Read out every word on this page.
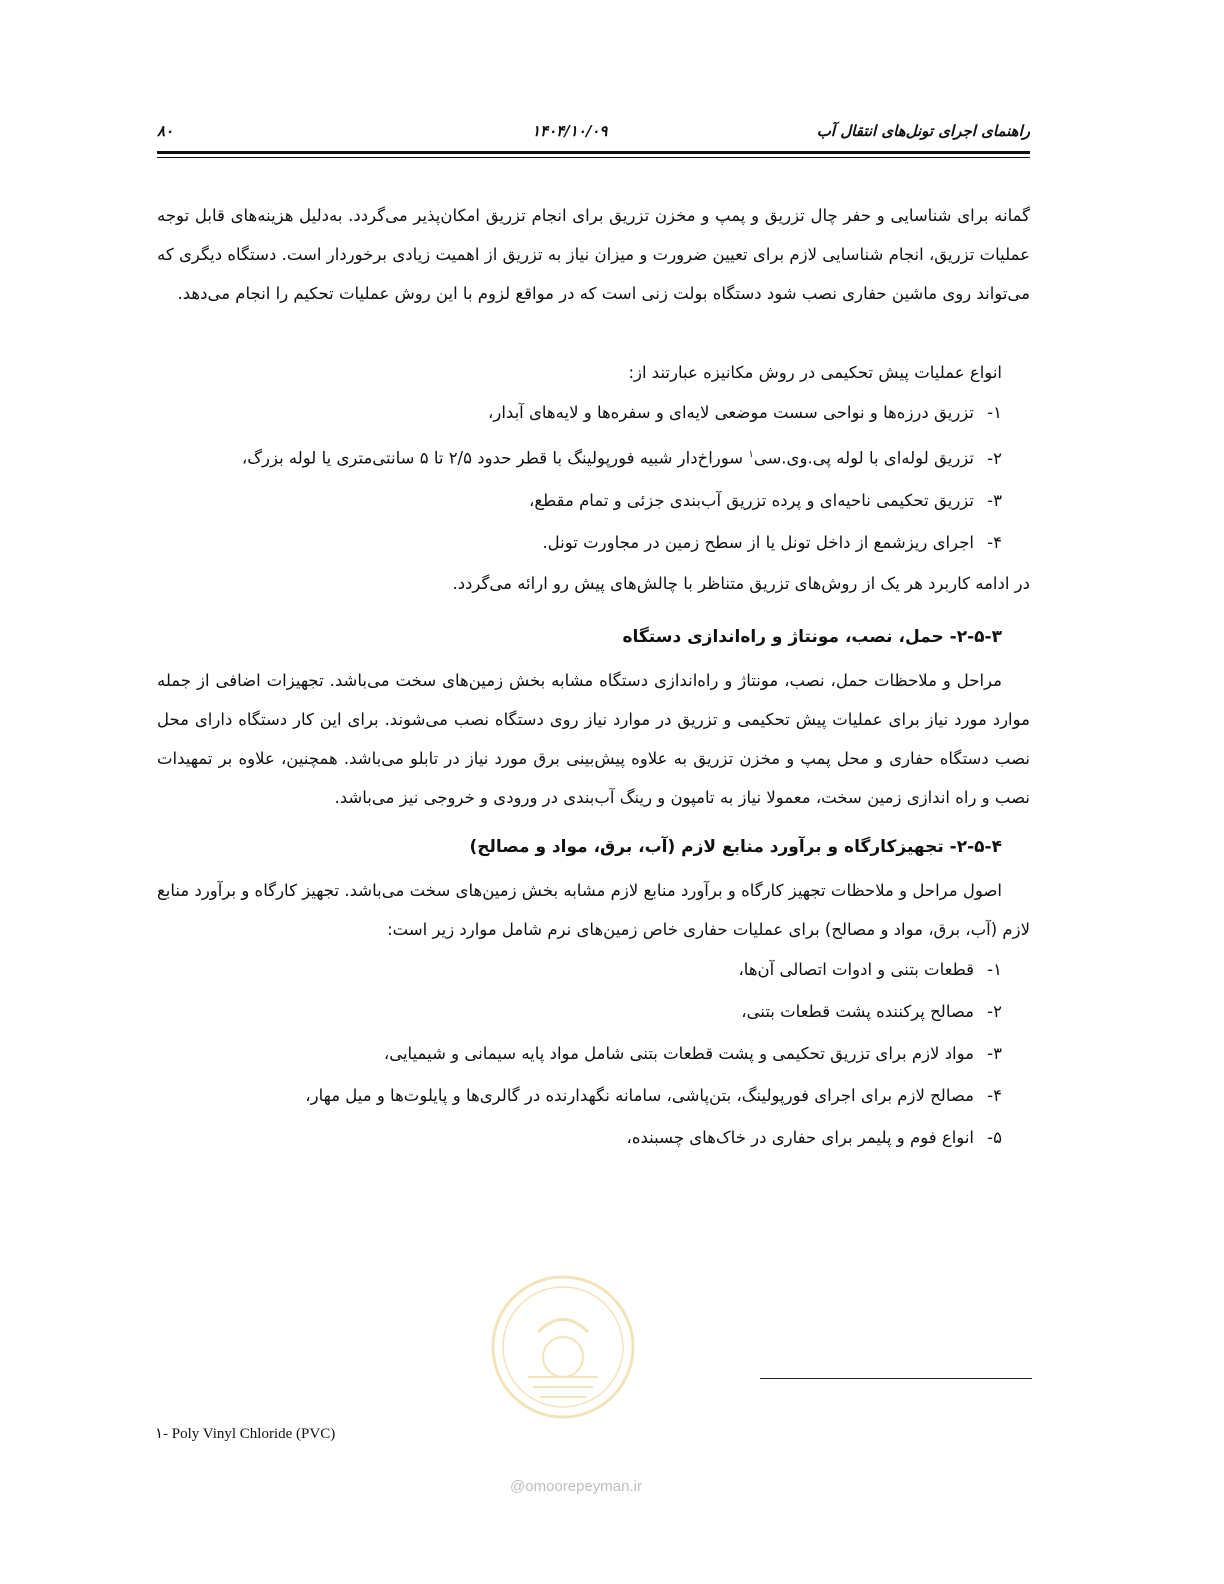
راهنمای اجرای تونل‌های انتقال آب
۱۴۰۴/۱۰/۰۹
۸۰

گمانه برای شناسایی و حفر چال تزریق و پمپ و مخزن تزریق برای انجام تزریق امکان‌پذیر می‌گردد. به‌دلیل هزینه‌های قابل توجه عملیات تزریق، انجام شناسایی لازم برای تعیین ضرورت و میزان نیاز به تزریق از اهمیت زیادی برخوردار است. دستگاه دیگری که می‌تواند روی ماشین حفاری نصب شود دستگاه بولت زنی است که در مواقع لزوم با این روش عملیات تحکیم را انجام می‌دهد.

انواع عملیات پیش تحکیمی در روش مکانیزه عبارتند از:

۱-تزریق درزه‌ها و نواحی سست موضعی لایه‌ای و سفره‌ها و لایه‌های آبدار،
۲-تزریق لوله‌ای با لوله پی.وی.سی$^۱$ سوراخ‌دار شبیه فورپولینگ با قطر حدود ۲/۵ تا ۵ سانتی‌متری یا لوله بزرگ،
۳-تزریق تحکیمی ناحیه‌ای و پرده تزریق آب‌بندی جزئی و تمام مقطع،
۴-اجرای ریزشمع از داخل تونل یا از سطح زمین در مجاورت تونل.

در ادامه کاربرد هر یک از روش‌های تزریق متناظر با چالش‌های پیش رو ارائه می‌گردد.

۲-۵-۳- حمل، نصب، مونتاژ و راه‌اندازی دستگاه

مراحل و ملاحظات حمل، نصب، مونتاژ و راه‌اندازی دستگاه مشابه بخش زمین‌های سخت می‌باشد. تجهیزات اضافی از جمله موارد مورد نیاز برای عملیات پیش تحکیمی و تزریق در موارد نیاز روی دستگاه نصب می‌شوند. برای این کار دستگاه دارای محل نصب دستگاه حفاری و محل پمپ و مخزن تزریق به علاوه پیش‌بینی برق مورد نیاز در تابلو می‌باشد. همچنین، علاوه بر تمهیدات نصب و راه اندازی زمین سخت، معمولا نیاز به تامپون و رینگ آب‌بندی در ورودی و خروجی نیز می‌باشد.

۲-۵-۴- تجهیزکارگاه و برآورد منابع لازم (آب، برق، مواد و مصالح)

اصول مراحل و ملاحظات تجهیز کارگاه و برآورد منابع لازم مشابه بخش زمین‌های سخت می‌باشد. تجهیز کارگاه و برآورد منابع لازم (آب، برق، مواد و مصالح) برای عملیات حفاری خاص زمین‌های نرم شامل موارد زیر است:

۱-قطعات بتنی و ادوات اتصالی آن‌ها،
۲-مصالح پرکننده پشت قطعات بتنی،
۳-مواد لازم برای تزریق تحکیمی و پشت قطعات بتنی شامل مواد پایه سیمانی و شیمیایی،
۴-مصالح لازم برای اجرای فورپولینگ، بتن‌پاشی، سامانه نگهدارنده در گالری‌ها و پایلوت‌ها و میل مهار،
۵-انواع فوم و پلیمر برای حفاری در خاک‌های چسبنده،
@omoorepeyman.ir
۱- Poly Vinyl Chloride (PVC)
